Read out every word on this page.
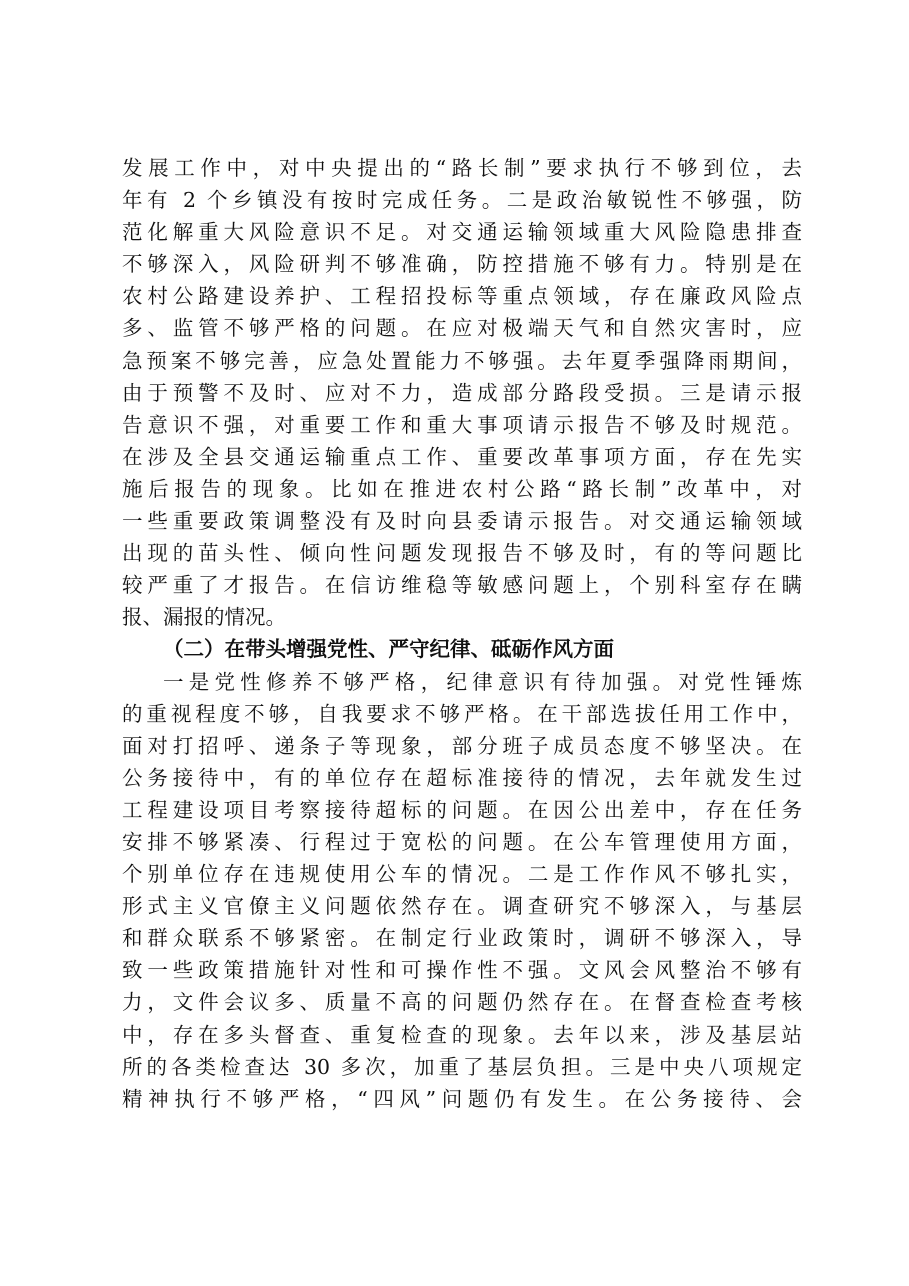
发展工作中，对中央提出的“路长制”要求执行不够到位，去
年有 2 个乡镇没有按时完成任务。二是政治敏锐性不够强，防
范化解重大风险意识不足。对交通运输领域重大风险隐患排查
不够深入，风险研判不够准确，防控措施不够有力。特别是在
农村公路建设养护、工程招投标等重点领域，存在廉政风险点
多、监管不够严格的问题。在应对极端天气和自然灾害时，应
急预案不够完善，应急处置能力不够强。去年夏季强降雨期间，
由于预警不及时、应对不力，造成部分路段受损。三是请示报
告意识不强，对重要工作和重大事项请示报告不够及时规范。
在涉及全县交通运输重点工作、重要改革事项方面，存在先实
施后报告的现象。比如在推进农村公路“路长制”改革中，对
一些重要政策调整没有及时向县委请示报告。对交通运输领域
出现的苗头性、倾向性问题发现报告不够及时，有的等问题比
较严重了才报告。在信访维稳等敏感问题上，个别科室存在瞒
报、漏报的情况。
（二）在带头增强党性、严守纪律、砥砺作风方面
一是党性修养不够严格，纪律意识有待加强。对党性锤炼
的重视程度不够，自我要求不够严格。在干部选拔任用工作中，
面对打招呼、递条子等现象，部分班子成员态度不够坚决。在
公务接待中，有的单位存在超标准接待的情况，去年就发生过
工程建设项目考察接待超标的问题。在因公出差中，存在任务
安排不够紧凑、行程过于宽松的问题。在公车管理使用方面，
个别单位存在违规使用公车的情况。二是工作作风不够扎实，
形式主义官僚主义问题依然存在。调查研究不够深入，与基层
和群众联系不够紧密。在制定行业政策时，调研不够深入，导
致一些政策措施针对性和可操作性不强。文风会风整治不够有
力，文件会议多、质量不高的问题仍然存在。在督查检查考核
中，存在多头督查、重复检查的现象。去年以来，涉及基层站
所的各类检查达 30 多次，加重了基层负担。三是中央八项规定
精神执行不够严格，“四风”问题仍有发生。在公务接待、会
